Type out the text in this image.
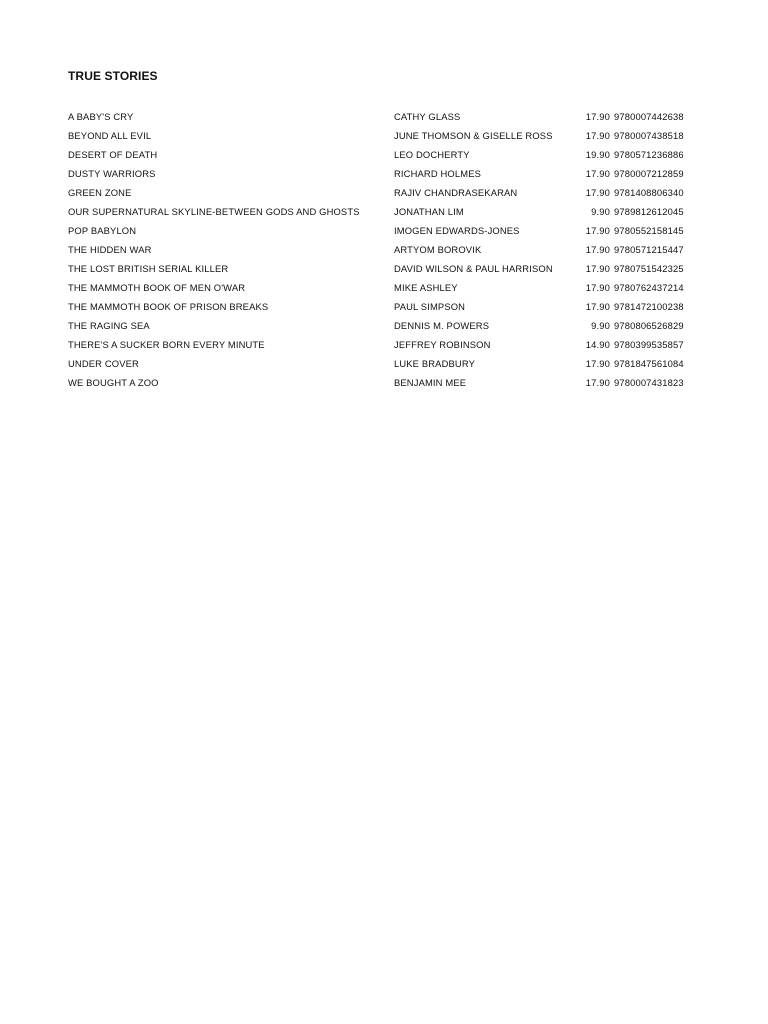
TRUE STORIES
A BABY'S CRY	CATHY GLASS	17.90 9780007442638
BEYOND ALL EVIL	JUNE THOMSON & GISELLE ROSS	17.90 9780007438518
DESERT OF DEATH	LEO DOCHERTY	19.90 9780571236886
DUSTY WARRIORS	RICHARD HOLMES	17.90 9780007212859
GREEN ZONE	RAJIV CHANDRASEKARAN	17.90 9781408806340
OUR SUPERNATURAL SKYLINE-BETWEEN GODS AND GHOSTS	JONATHAN LIM	9.90 9789812612045
POP BABYLON	IMOGEN EDWARDS-JONES	17.90 9780552158145
THE HIDDEN WAR	ARTYOM BOROVIK	17.90 9780571215447
THE LOST BRITISH SERIAL KILLER	DAVID WILSON & PAUL HARRISON	17.90 9780751542325
THE MAMMOTH BOOK OF MEN O'WAR	MIKE ASHLEY	17.90 9780762437214
THE MAMMOTH BOOK OF PRISON BREAKS	PAUL SIMPSON	17.90 9781472100238
THE RAGING SEA	DENNIS M. POWERS	9.90 9780806526829
THERE'S A SUCKER BORN EVERY MINUTE	JEFFREY ROBINSON	14.90 9780399535857
UNDER COVER	LUKE BRADBURY	17.90 9781847561084
WE BOUGHT A ZOO	BENJAMIN MEE	17.90 9780007431823
